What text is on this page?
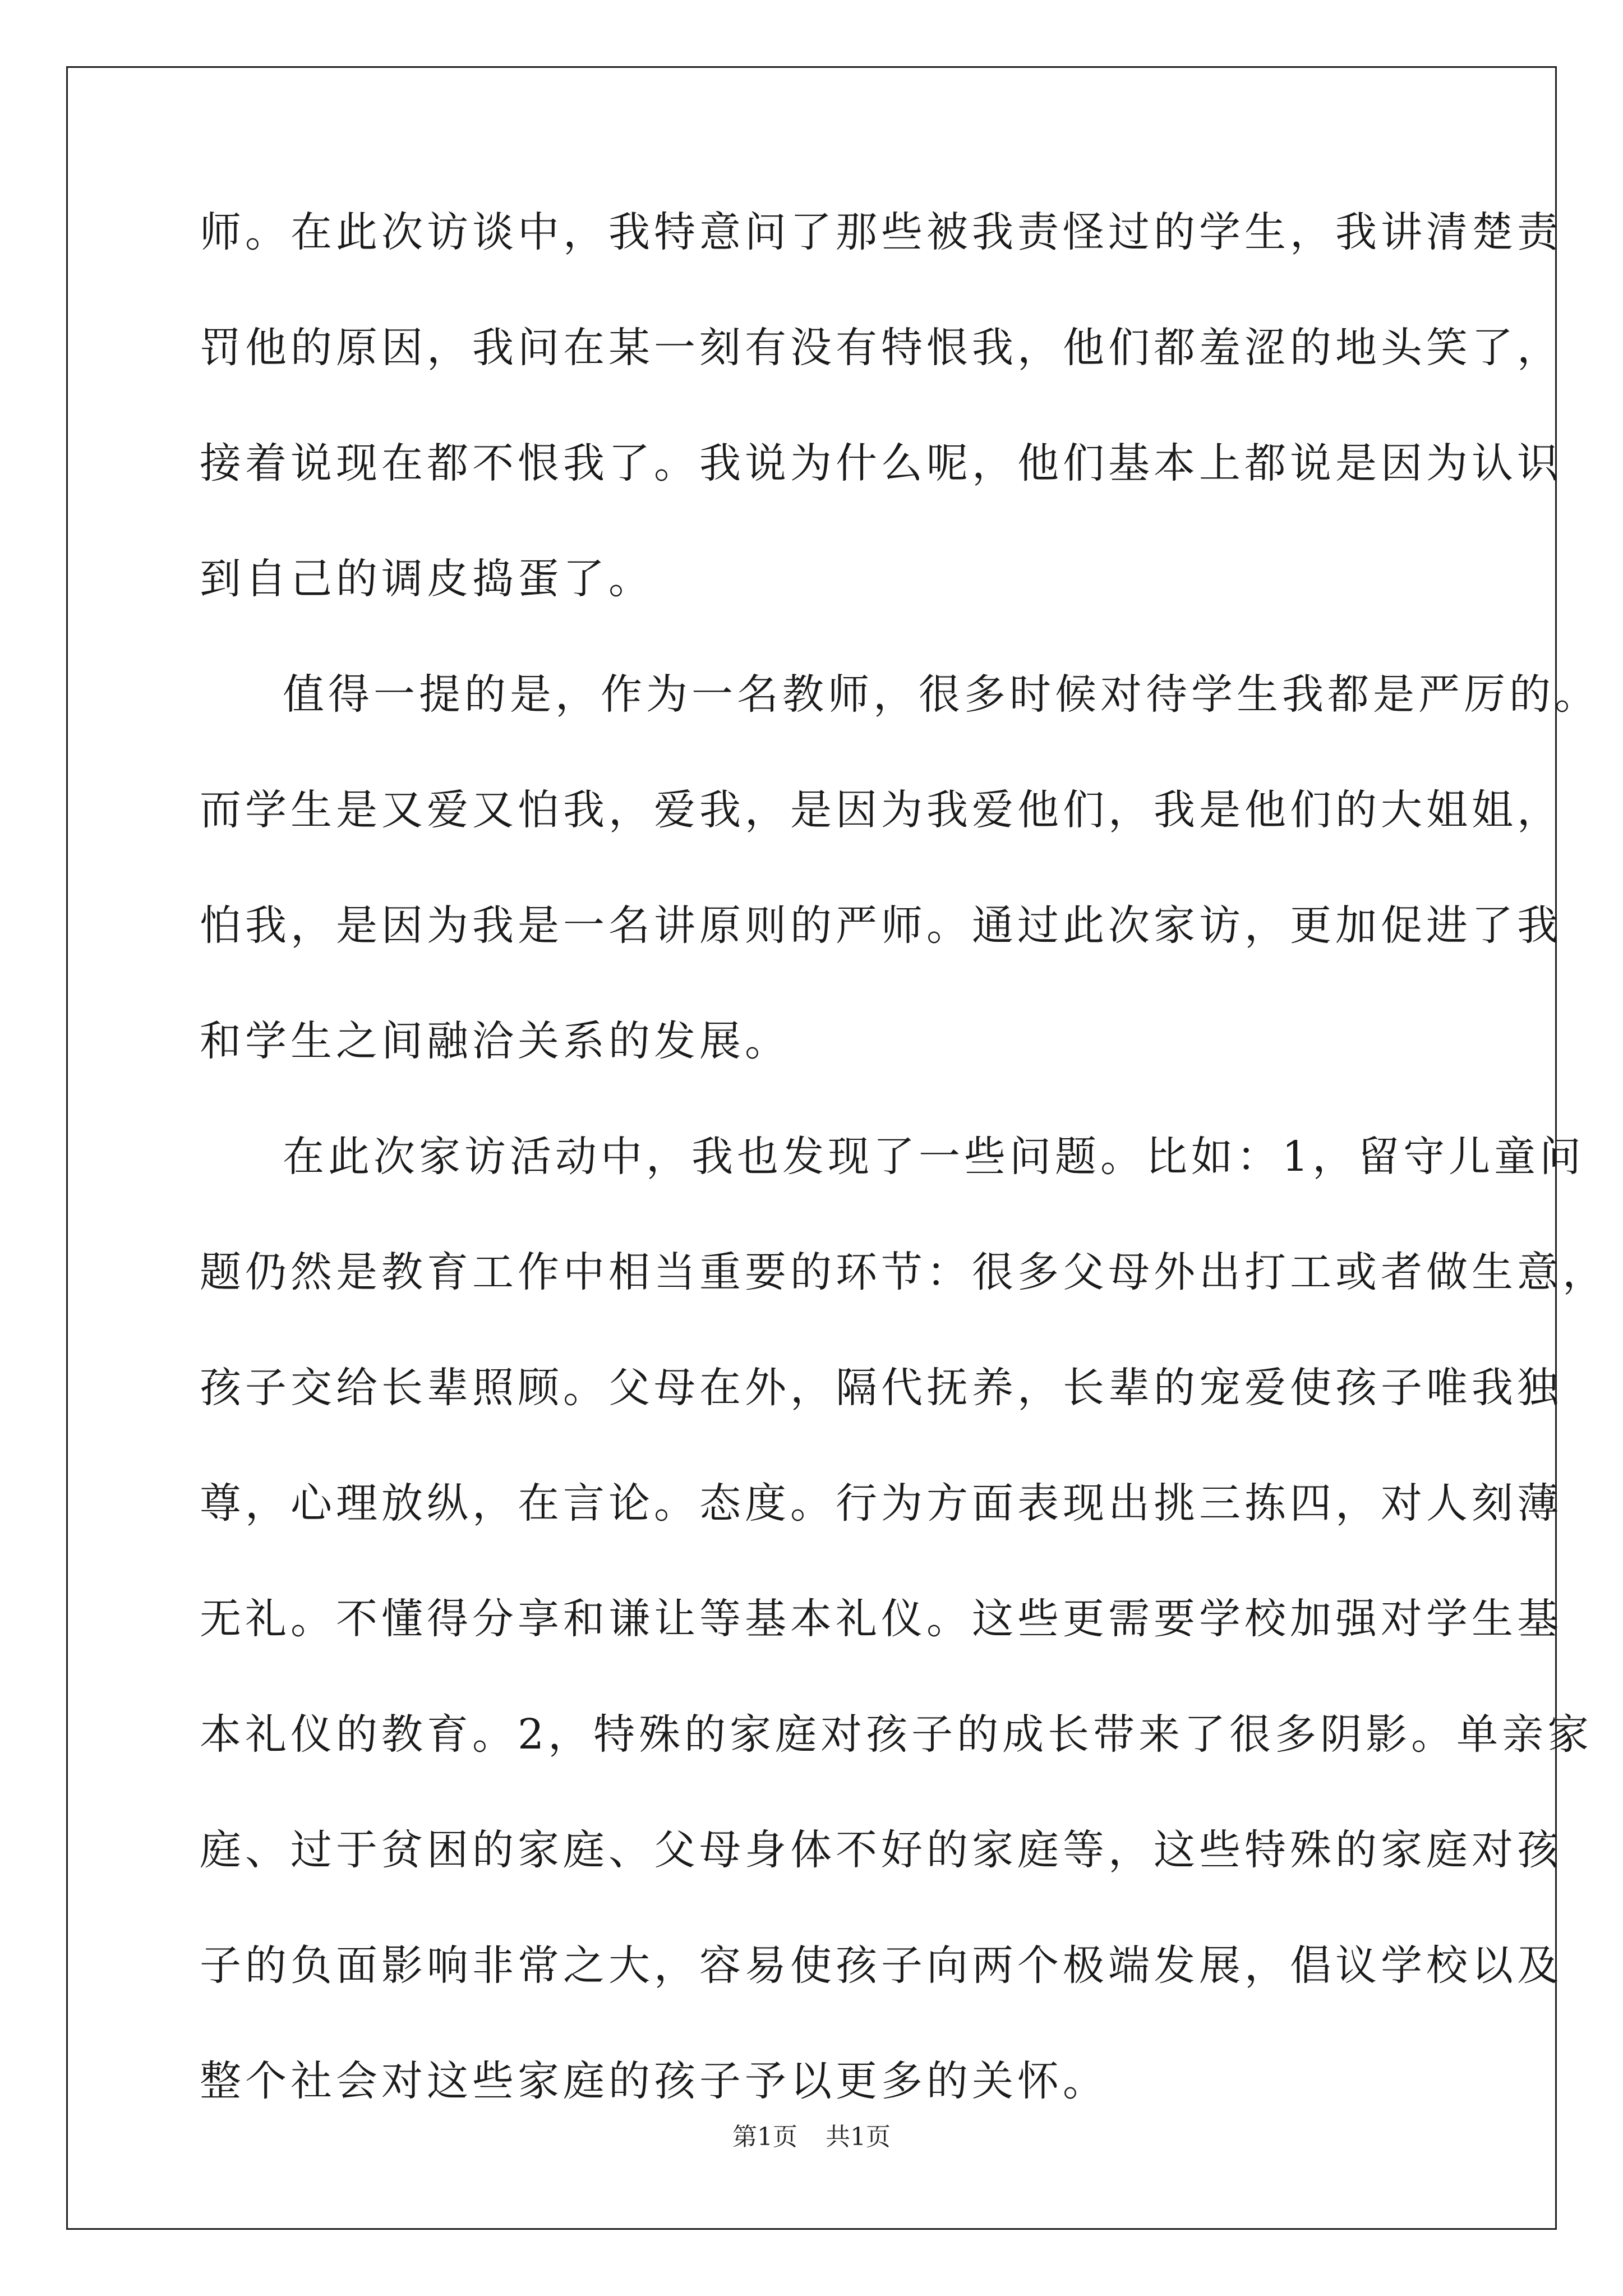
师。在此次访谈中，我特意问了那些被我责怪过的学生，我讲清楚责
罚他的原因，我问在某一刻有没有特恨我，他们都羞涩的地头笑了，
接着说现在都不恨我了。我说为什么呢，他们基本上都说是因为认识
到自己的调皮捣蛋了。
值得一提的是，作为一名教师，很多时候对待学生我都是严厉的。
而学生是又爱又怕我，爱我，是因为我爱他们，我是他们的大姐姐，
怕我，是因为我是一名讲原则的严师。通过此次家访，更加促进了我
和学生之间融洽关系的发展。
在此次家访活动中，我也发现了一些问题。比如：1，留守儿童问
题仍然是教育工作中相当重要的环节：很多父母外出打工或者做生意，
孩子交给长辈照顾。父母在外，隔代抚养，长辈的宠爱使孩子唯我独
尊，心理放纵，在言论。态度。行为方面表现出挑三拣四，对人刻薄
无礼。不懂得分享和谦让等基本礼仪。这些更需要学校加强对学生基
本礼仪的教育。2，特殊的家庭对孩子的成长带来了很多阴影。单亲家
庭、过于贫困的家庭、父母身体不好的家庭等，这些特殊的家庭对孩
子的负面影响非常之大，容易使孩子向两个极端发展，倡议学校以及
整个社会对这些家庭的孩子予以更多的关怀。
第1页 共1页
